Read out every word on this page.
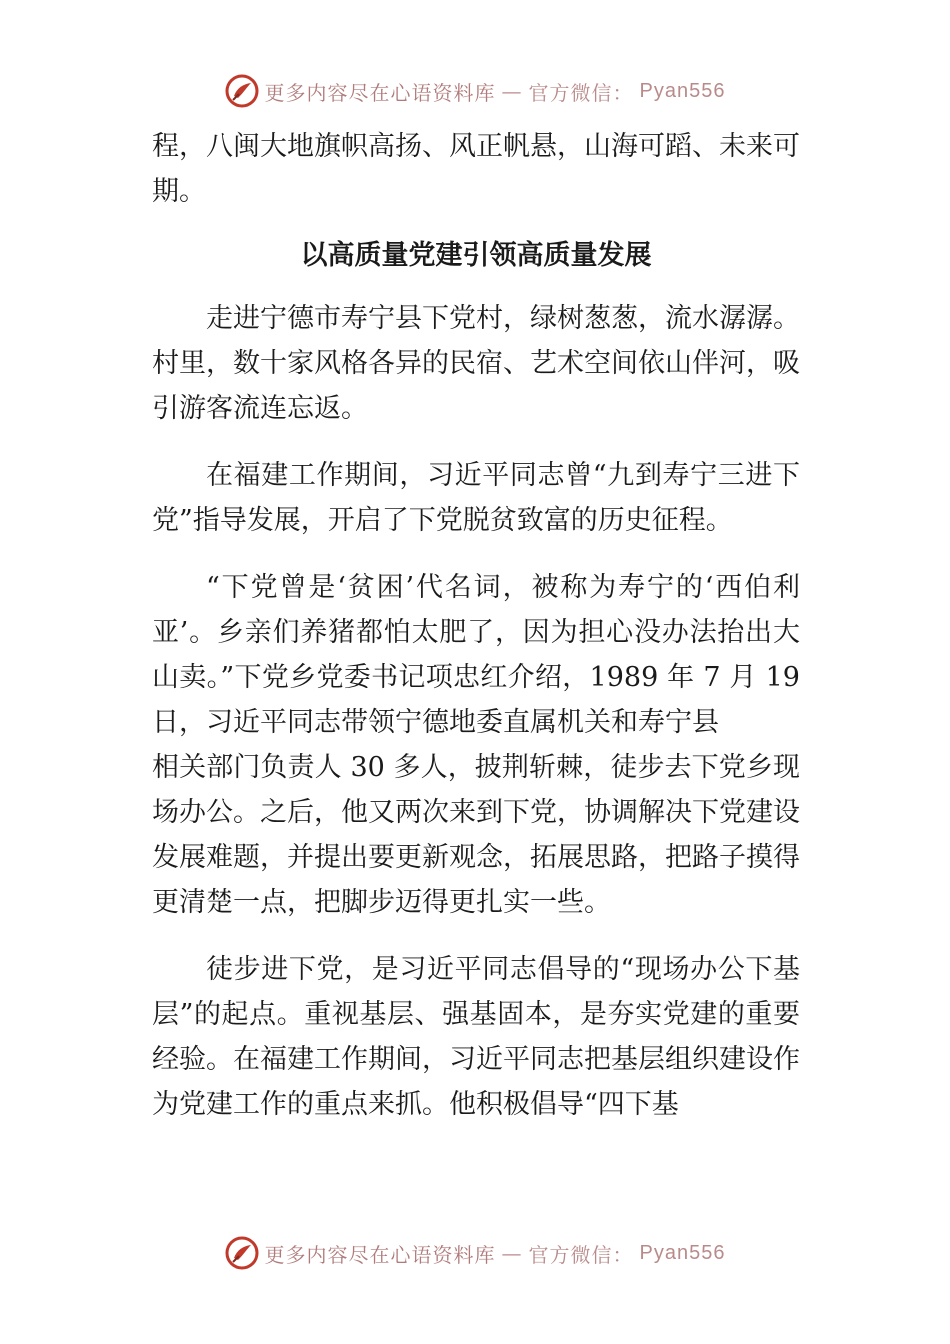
更多内容尽在心语资料库 — 官方微信： Pyan556

程，八闽大地旗帜高扬、风正帆悬，山海可蹈、未来可期。

以高质量党建引领高质量发展

走进宁德市寿宁县下党村，绿树葱葱，流水潺潺。村里，数十家风格各异的民宿、艺术空间依山伴河，吸引游客流连忘返。

在福建工作期间，习近平同志曾“九到寿宁三进下党”指导发展，开启了下党脱贫致富的历史征程。

“下党曾是‘贫困’代名词，被称为寿宁的‘西伯利亚’。乡亲们养猪都怕太肥了，因为担心没办法抬出大山卖。”下党乡党委书记项忠红介绍，1989 年 7 月 19 日，习近平同志带领宁德地委直属机关和寿宁县

相关部门负责人 30 多人，披荆斩棘，徒步去下党乡现场办公。之后，他又两次来到下党，协调解决下党建设发展难题，并提出要更新观念，拓展思路，把路子摸得更清楚一点，把脚步迈得更扎实一些。

徒步进下党，是习近平同志倡导的“现场办公下基层”的起点。重视基层、强基固本，是夯实党建的重要经验。在福建工作期间，习近平同志把基层组织建设作为党建工作的重点来抓。他积极倡导“四下基

更多内容尽在心语资料库 — 官方微信： Pyan556
